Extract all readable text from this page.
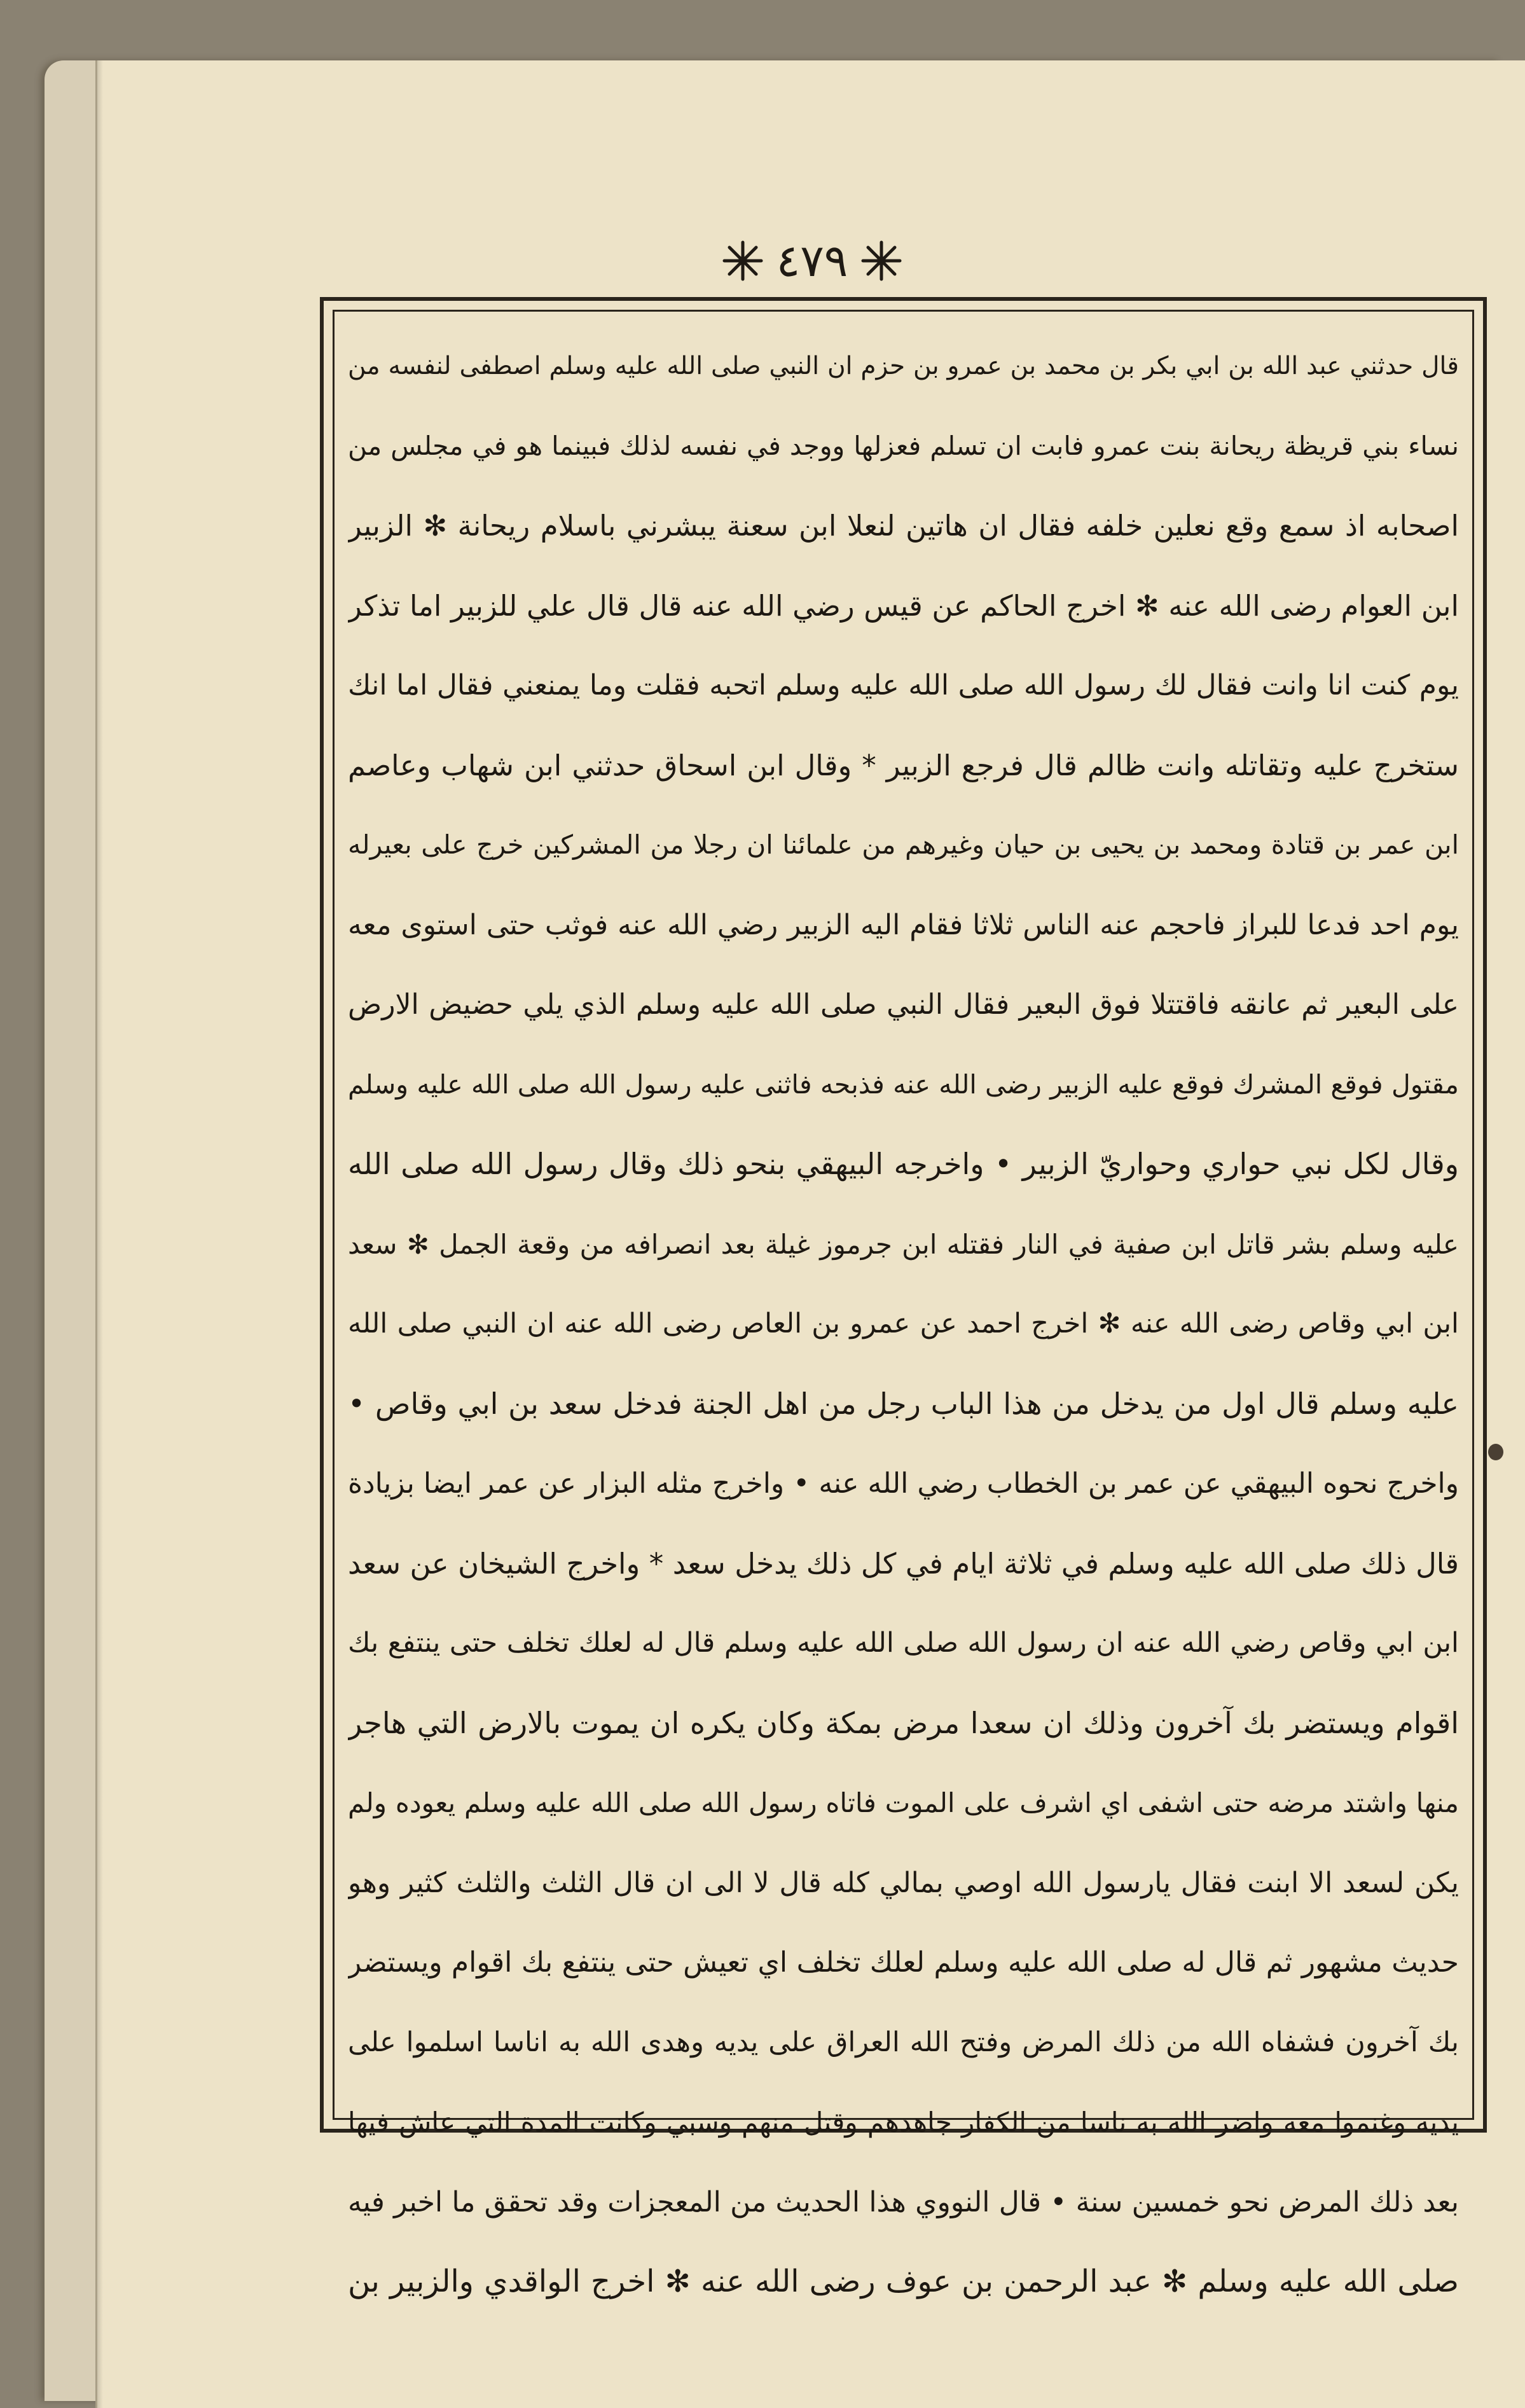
٤٧٩
قال حدثني عبد الله بن ابي بكر بن محمد بن عمرو بن حزم ان النبي صلى الله عليه وسلم اصطفى لنفسه من
نساء بني قريظة ريحانة بنت عمرو فابت ان تسلم فعزلها ووجد في نفسه لذلك فبينما هو في مجلس من
اصحابه اذ سمع وقع نعلين خلفه فقال ان هاتين لنعلا ابن سعنة يبشرني باسلام ريحانة ✻ الزبير
ابن العوام رضى الله عنه ✻ اخرج الحاكم عن قيس رضي الله عنه قال قال علي للزبير اما تذكر
يوم كنت انا وانت فقال لك رسول الله صلى الله عليه وسلم اتحبه فقلت وما يمنعني فقال اما انك
ستخرج عليه وتقاتله وانت ظالم قال فرجع الزبير * وقال ابن اسحاق حدثني ابن شهاب وعاصم
ابن عمر بن قتادة ومحمد بن يحيى بن حيان وغيرهم من علمائنا ان رجلا من المشركين خرج على بعيرله
يوم احد فدعا للبراز فاحجم عنه الناس ثلاثا فقام اليه الزبير رضي الله عنه فوثب حتى استوى معه
على البعير ثم عانقه فاقتتلا فوق البعير فقال النبي صلى الله عليه وسلم الذي يلي حضيض الارض
مقتول فوقع المشرك فوقع عليه الزبير رضى الله عنه فذبحه فاثنى عليه رسول الله صلى الله عليه وسلم
وقال لكل نبي حواري وحواريّ الزبير • واخرجه البيهقي بنحو ذلك وقال رسول الله صلى الله
عليه وسلم بشر قاتل ابن صفية في النار فقتله ابن جرموز غيلة بعد انصرافه من وقعة الجمل ✻ سعد
ابن ابي وقاص رضى الله عنه ✻ اخرج احمد عن عمرو بن العاص رضى الله عنه ان النبي صلى الله
عليه وسلم قال اول من يدخل من هذا الباب رجل من اهل الجنة فدخل سعد بن ابي وقاص •
واخرج نحوه البيهقي عن عمر بن الخطاب رضي الله عنه • واخرج مثله البزار عن عمر ايضا بزيادة
قال ذلك صلى الله عليه وسلم في ثلاثة ايام في كل ذلك يدخل سعد * واخرج الشيخان عن سعد
ابن ابي وقاص رضي الله عنه ان رسول الله صلى الله عليه وسلم قال له لعلك تخلف حتى ينتفع بك
اقوام ويستضر بك آخرون وذلك ان سعدا مرض بمكة وكان يكره ان يموت بالارض التي هاجر
منها واشتد مرضه حتى اشفى اي اشرف على الموت فاتاه رسول الله صلى الله عليه وسلم يعوده ولم
يكن لسعد الا ابنت فقال يارسول الله اوصي بمالي كله قال لا الى ان قال الثلث والثلث كثير وهو
حديث مشهور ثم قال له صلى الله عليه وسلم لعلك تخلف اي تعيش حتى ينتفع بك اقوام ويستضر
بك آخرون فشفاه الله من ذلك المرض وفتح الله العراق على يديه وهدى الله به اناسا اسلموا على
يديه وغنموا معه واضر الله به ناسا من الكفار جاهدهم وقتل منهم وسبي وكانت المدة التي عاش فيها
بعد ذلك المرض نحو خمسين سنة • قال النووي هذا الحديث من المعجزات وقد تحقق ما اخبر فيه
صلى الله عليه وسلم ✻ عبد الرحمن بن عوف رضى الله عنه ✻ اخرج الواقدي والزبير بن
